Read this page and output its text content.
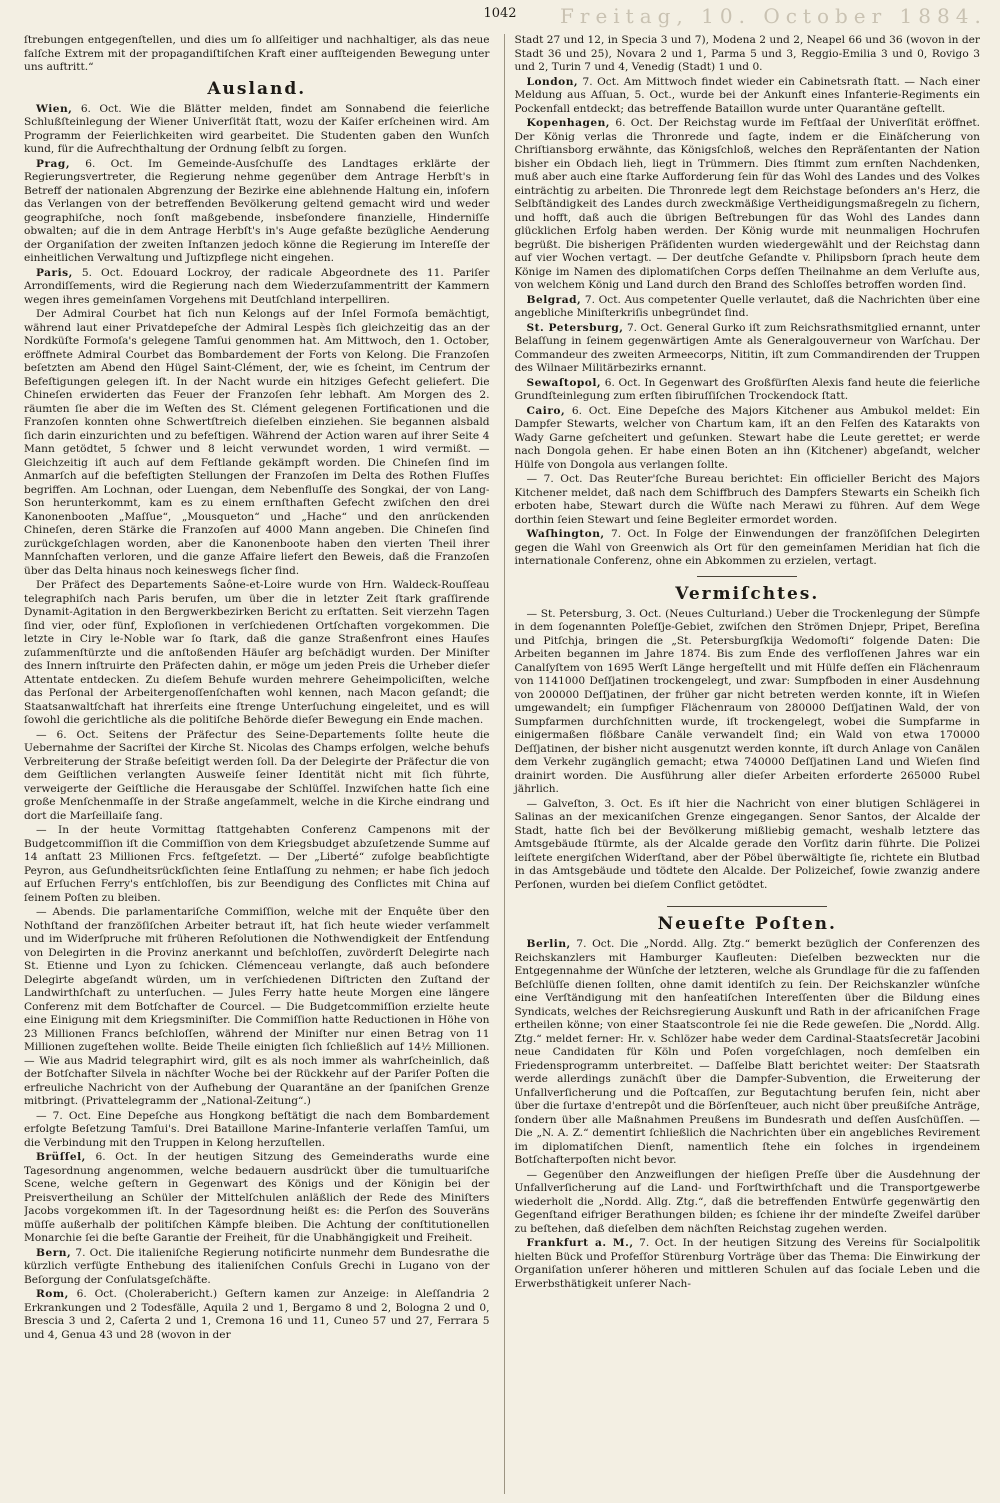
Freitag, 10. October 1884.
1042

ſtrebungen entgegenſtellen, und dies um ſo allſeitiger und nachhaltiger, als das neue falſche Extrem mit der propagandiſtiſchen Kraft einer aufſteigenden Bewegung unter uns auftritt.“

Ausland.

Wien, 6. Oct. Wie die Blätter melden, findet am Sonnabend die feierliche Schlußſteinlegung der Wiener Univerſität ſtatt, wozu der Kaiſer erſcheinen wird. Am Programm der Feierlichkeiten wird gearbeitet. Die Studenten gaben den Wunſch kund, für die Aufrechthaltung der Ordnung ſelbſt zu ſorgen.

Prag, 6. Oct. Im Gemeinde-Ausſchuſſe des Landtages erklärte der Regierungsvertreter, die Regierung nehme gegenüber dem Antrage Herbſt's in Betreff der nationalen Abgrenzung der Bezirke eine ablehnende Haltung ein, inſofern das Verlangen von der betreffenden Bevölkerung geltend gemacht wird und weder geographiſche, noch ſonſt maßgebende, insbeſondere finanzielle, Hinderniſſe obwalten; auf die in dem Antrage Herbſt's in's Auge gefaßte bezügliche Aenderung der Organiſation der zweiten Inſtanzen jedoch könne die Regierung im Intereſſe der einheitlichen Verwaltung und Juſtizpflege nicht eingehen.

Paris, 5. Oct. Edouard Lockroy, der radicale Abgeordnete des 11. Pariſer Arrondiſſements, wird die Regierung nach dem Wiederzuſammentritt der Kammern wegen ihres gemeinſamen Vorgehens mit Deutſchland interpelliren.

Der Admiral Courbet hat ſich nun Kelongs auf der Inſel Formoſa bemächtigt, während laut einer Privatdepeſche der Admiral Lespès ſich gleichzeitig das an der Nordküſte Formoſa's gelegene Tamſui genommen hat. Am Mittwoch, den 1. October, eröffnete Admiral Courbet das Bombardement der Forts von Kelong. Die Franzoſen beſetzten am Abend den Hügel Saint-Clément, der, wie es ſcheint, im Centrum der Befeſtigungen gelegen iſt. In der Nacht wurde ein hitziges Gefecht geliefert. Die Chineſen erwiderten das Feuer der Franzoſen ſehr lebhaft. Am Morgen des 2. räumten ſie aber die im Weſten des St. Clément gelegenen Fortificationen und die Franzoſen konnten ohne Schwertſtreich dieſelben einziehen. Sie begannen alsbald ſich darin einzurichten und zu befeſtigen. Während der Action waren auf ihrer Seite 4 Mann getödtet, 5 ſchwer und 8 leicht verwundet worden, 1 wird vermißt. — Gleichzeitig iſt auch auf dem Feſtlande gekämpft worden. Die Chineſen ſind im Anmarſch auf die befeſtigten Stellungen der Franzoſen im Delta des Rothen Fluſſes begriffen. Am Lochnan, oder Luengan, dem Nebenfluſſe des Songkai, der von Lang-Son herunterkommt, kam es zu einem ernſthaften Gefecht zwiſchen den drei Kanonenbooten „Maſſue“, „Mousqueton“ und „Hache“ und den anrückenden Chineſen, deren Stärke die Franzoſen auf 4000 Mann angeben. Die Chineſen ſind zurückgeſchlagen worden, aber die Kanonenboote haben den vierten Theil ihrer Mannſchaften verloren, und die ganze Affaire liefert den Beweis, daß die Franzoſen über das Delta hinaus noch keineswegs ſicher ſind.

Der Präfect des Departements Saône-et-Loire wurde von Hrn. Waldeck-Rouſſeau telegraphiſch nach Paris berufen, um über die in letzter Zeit ſtark graſſirende Dynamit-Agitation in den Bergwerkbezirken Bericht zu erſtatten. Seit vierzehn Tagen ſind vier, oder fünf, Exploſionen in verſchiedenen Ortſchaften vorgekommen. Die letzte in Ciry le-Noble war ſo ſtark, daß die ganze Straßenfront eines Hauſes zuſammenſtürzte und die anſtoßenden Häuſer arg beſchädigt wurden. Der Miniſter des Innern inſtruirte den Präfecten dahin, er möge um jeden Preis die Urheber dieſer Attentate entdecken. Zu dieſem Behufe wurden mehrere Geheimpoliciſten, welche das Perſonal der Arbeitergenoſſenſchaften wohl kennen, nach Macon geſandt; die Staatsanwaltſchaft hat ihrerſeits eine ſtrenge Unterſuchung eingeleitet, und es will ſowohl die gerichtliche als die politiſche Behörde dieſer Bewegung ein Ende machen.

— 6. Oct. Seitens der Präfectur des Seine-Departements ſollte heute die Uebernahme der Sacriſtei der Kirche St. Nicolas des Champs erfolgen, welche behufs Verbreiterung der Straße beſeitigt werden ſoll. Da der Delegirte der Präfectur die von dem Geiſtlichen verlangten Ausweiſe ſeiner Identität nicht mit ſich führte, verweigerte der Geiſtliche die Herausgabe der Schlüſſel. Inzwiſchen hatte ſich eine große Menſchenmaſſe in der Straße angeſammelt, welche in die Kirche eindrang und dort die Marſeillaiſe ſang.

— In der heute Vormittag ſtattgehabten Conferenz Campenons mit der Budgetcommiſſion iſt die Commiſſion von dem Kriegsbudget abzuſetzende Summe auf 14 anſtatt 23 Millionen Frcs. feſtgeſetzt. — Der „Liberté“ zufolge beabſichtigte Peyron, aus Geſundheitsrückſichten ſeine Entlaſſung zu nehmen; er habe ſich jedoch auf Erſuchen Ferry's entſchloſſen, bis zur Beendigung des Conflictes mit China auf ſeinem Poſten zu bleiben.

— Abends. Die parlamentariſche Commiſſion, welche mit der Enquête über den Nothſtand der franzöſiſchen Arbeiter betraut iſt, hat ſich heute wieder verſammelt und im Widerſpruche mit früheren Reſolutionen die Nothwendigkeit der Entſendung von Delegirten in die Provinz anerkannt und beſchloſſen, zuvörderſt Delegirte nach St. Etienne und Lyon zu ſchicken. Clémenceau verlangte, daß auch beſondere Delegirte abgeſandt würden, um in verſchiedenen Diſtricten den Zuſtand der Landwirthſchaft zu unterſuchen. — Jules Ferry hatte heute Morgen eine längere Conferenz mit dem Botſchafter de Courcel. — Die Budgetcommiſſion erzielte heute eine Einigung mit dem Kriegsminiſter. Die Commiſſion hatte Reductionen in Höhe von 23 Millionen Francs beſchloſſen, während der Miniſter nur einen Betrag von 11 Millionen zugeſtehen wollte. Beide Theile einigten ſich ſchließlich auf 14½ Millionen. — Wie aus Madrid telegraphirt wird, gilt es als noch immer als wahrſcheinlich, daß der Botſchafter Silvela in nächſter Woche bei der Rückkehr auf der Pariſer Poſten die erfreuliche Nachricht von der Aufhebung der Quarantäne an der ſpaniſchen Grenze mitbringt. (Privattelegramm der „National-Zeitung“.)

— 7. Oct. Eine Depeſche aus Hongkong beſtätigt die nach dem Bombardement erfolgte Beſetzung Tamſui's. Drei Bataillone Marine-Infanterie verlaſſen Tamſui, um die Verbindung mit den Truppen in Kelong herzuſtellen.

Brüſſel, 6. Oct. In der heutigen Sitzung des Gemeinderaths wurde eine Tagesordnung angenommen, welche bedauern ausdrückt über die tumultuariſche Scene, welche geſtern in Gegenwart des Königs und der Königin bei der Preisvertheilung an Schüler der Mittelſchulen anläßlich der Rede des Miniſters Jacobs vorgekommen iſt. In der Tagesordnung heißt es: die Perſon des Souveräns müſſe außerhalb der politiſchen Kämpfe bleiben. Die Achtung der conſtitutionellen Monarchie ſei die beſte Garantie der Freiheit, für die Unabhängigkeit und Freiheit.

Bern, 7. Oct. Die italieniſche Regierung notificirte nunmehr dem Bundesrathe die kürzlich verfügte Enthebung des italieniſchen Conſuls Grechi in Lugano von der Beſorgung der Conſulatsgeſchäfte.

Rom, 6. Oct. (Cholerabericht.) Geſtern kamen zur Anzeige: in Aleſſandria 2 Erkrankungen und 2 Todesfälle, Aquila 2 und 1, Bergamo 8 und 2, Bologna 2 und 0, Brescia 3 und 2, Caſerta 2 und 1, Cremona 16 und 11, Cuneo 57 und 27, Ferrara 5 und 4, Genua 43 und 28 (wovon in der

Stadt 27 und 12, in Specia 3 und 7), Modena 2 und 2, Neapel 66 und 36 (wovon in der Stadt 36 und 25), Novara 2 und 1, Parma 5 und 3, Reggio-Emilia 3 und 0, Rovigo 3 und 2, Turin 7 und 4, Venedig (Stadt) 1 und 0.

London, 7. Oct. Am Mittwoch findet wieder ein Cabinetsrath ſtatt. — Nach einer Meldung aus Aſſuan, 5. Oct., wurde bei der Ankunft eines Infanterie-Regiments ein Pockenfall entdeckt; das betreffende Bataillon wurde unter Quarantäne geſtellt.

Kopenhagen, 6. Oct. Der Reichstag wurde im Feſtſaal der Univerſität eröffnet. Der König verlas die Thronrede und ſagte, indem er die Einäſcherung von Chriſtiansborg erwähnte, das Königsſchloß, welches den Repräſentanten der Nation bisher ein Obdach lieh, liegt in Trümmern. Dies ſtimmt zum ernſten Nachdenken, muß aber auch eine ſtarke Aufforderung ſein für das Wohl des Landes und des Volkes einträchtig zu arbeiten. Die Thronrede legt dem Reichstage beſonders an's Herz, die Selbſtändigkeit des Landes durch zweckmäßige Vertheidigungsmaßregeln zu ſichern, und hofft, daß auch die übrigen Beſtrebungen für das Wohl des Landes dann glücklichen Erfolg haben werden. Der König wurde mit neunmaligen Hochrufen begrüßt. Die bisherigen Präſidenten wurden wiedergewählt und der Reichstag dann auf vier Wochen vertagt. — Der deutſche Geſandte v. Philipsborn ſprach heute dem Könige im Namen des diplomatiſchen Corps deſſen Theilnahme an dem Verluſte aus, von welchem König und Land durch den Brand des Schloſſes betroffen worden ſind.

Belgrad, 7. Oct. Aus competenter Quelle verlautet, daß die Nachrichten über eine angebliche Miniſterkriſis unbegründet ſind.

St. Petersburg, 7. Oct. General Gurko iſt zum Reichsrathsmitglied ernannt, unter Belaſſung in ſeinem gegenwärtigen Amte als Generalgouverneur von Warſchau. Der Commandeur des zweiten Armeecorps, Nititin, iſt zum Commandirenden der Truppen des Wilnaer Militärbezirks ernannt.

Sewaſtopol, 6. Oct. In Gegenwart des Großfürſten Alexis fand heute die feierliche Grundſteinlegung zum erſten ſibiruſſiſchen Trockendock ſtatt.

Cairo, 6. Oct. Eine Depeſche des Majors Kitchener aus Ambukol meldet: Ein Dampfer Stewarts, welcher von Chartum kam, iſt an den Felſen des Katarakts von Wady Garne geſcheitert und geſunken. Stewart habe die Leute gerettet; er werde nach Dongola gehen. Er habe einen Boten an ihn (Kitchener) abgeſandt, welcher Hülfe von Dongola aus verlangen ſollte.

— 7. Oct. Das Reuter'ſche Bureau berichtet: Ein officieller Bericht des Majors Kitchener meldet, daß nach dem Schiffbruch des Dampfers Stewarts ein Scheikh ſich erboten habe, Stewart durch die Wüſte nach Merawi zu führen. Auf dem Wege dorthin ſeien Stewart und ſeine Begleiter ermordet worden.

Waſhington, 7. Oct. In Folge der Einwendungen der franzöſiſchen Delegirten gegen die Wahl von Greenwich als Ort für den gemeinſamen Meridian hat ſich die internationale Conferenz, ohne ein Abkommen zu erzielen, vertagt.

Vermiſchtes.

— St. Petersburg, 3. Oct. (Neues Culturland.) Ueber die Trockenlegung der Sümpfe in dem ſogenannten Poleſſje-Gebiet, zwiſchen den Strömen Dnjepr, Pripet, Bereſina und Pitſchja, bringen die „St. Petersburgſkija Wedomoſti“ folgende Daten: Die Arbeiten begannen im Jahre 1874. Bis zum Ende des verfloſſenen Jahres war ein Canalſyſtem von 1695 Werſt Länge hergeſtellt und mit Hülfe deſſen ein Flächenraum von 1141000 Deſſjatinen trockengelegt, und zwar: Sumpfboden in einer Ausdehnung von 200000 Deſſjatinen, der früher gar nicht betreten werden konnte, iſt in Wieſen umgewandelt; ein ſumpfiger Flächenraum von 280000 Deſſjatinen Wald, der von Sumpfarmen durchſchnitten wurde, iſt trockengelegt, wobei die Sumpfarme in einigermaßen flößbare Canäle verwandelt ſind; ein Wald von etwa 170000 Deſſjatinen, der bisher nicht ausgenutzt werden konnte, iſt durch Anlage von Canälen dem Verkehr zugänglich gemacht; etwa 740000 Deſſjatinen Land und Wieſen ſind drainirt worden. Die Ausführung aller dieſer Arbeiten erforderte 265000 Rubel jährlich.

— Galveſton, 3. Oct. Es iſt hier die Nachricht von einer blutigen Schlägerei in Salinas an der mexicaniſchen Grenze eingegangen. Senor Santos, der Alcalde der Stadt, hatte ſich bei der Bevölkerung mißliebig gemacht, weshalb letztere das Amtsgebäude ſtürmte, als der Alcalde gerade den Vorſitz darin führte. Die Polizei leiſtete energiſchen Widerſtand, aber der Pöbel überwältigte ſie, richtete ein Blutbad in das Amtsgebäude und tödtete den Alcalde. Der Polizeichef, ſowie zwanzig andere Perſonen, wurden bei dieſem Conflict getödtet.

Neueſte Poſten.

Berlin, 7. Oct. Die „Nordd. Allg. Ztg.“ bemerkt bezüglich der Conferenzen des Reichskanzlers mit Hamburger Kaufleuten: Dieſelben bezweckten nur die Entgegennahme der Wünſche der letzteren, welche als Grundlage für die zu faſſenden Beſchlüſſe dienen ſollten, ohne damit identiſch zu ſein. Der Reichskanzler wünſche eine Verſtändigung mit den hanſeatiſchen Intereſſenten über die Bildung eines Syndicats, welches der Reichsregierung Auskunft und Rath in der africaniſchen Frage ertheilen könne; von einer Staatscontrole ſei nie die Rede geweſen. Die „Nordd. Allg. Ztg.“ meldet ferner: Hr. v. Schlözer habe weder dem Cardinal-Staatsſecretär Jacobini neue Candidaten für Köln und Poſen vorgeſchlagen, noch demſelben ein Friedensprogramm unterbreitet. — Daſſelbe Blatt berichtet weiter: Der Staatsrath werde allerdings zunächſt über die Dampfer-Subvention, die Erweiterung der Unfallverſicherung und die Poſtcaſſen, zur Begutachtung berufen ſein, nicht aber über die ſurtaxe d'entrepôt und die Börſenſteuer, auch nicht über preußiſche Anträge, ſondern über alle Maßnahmen Preußens im Bundesrath und deſſen Ausſchüſſen. — Die „N. A. Z.“ dementirt ſchließlich die Nachrichten über ein angebliches Revirement im diplomatiſchen Dienſt, namentlich ſtehe ein ſolches in irgendeinem Botſchafterpoſten nicht bevor.

— Gegenüber den Anzweiflungen der hieſigen Preſſe über die Ausdehnung der Unfallverſicherung auf die Land- und Forſtwirthſchaft und die Transportgewerbe wiederholt die „Nordd. Allg. Ztg.“, daß die betreffenden Entwürfe gegenwärtig den Gegenſtand eifriger Berathungen bilden; es ſchiene ihr der mindeſte Zweifel darüber zu beſtehen, daß dieſelben dem nächſten Reichstag zugehen werden.

Frankfurt a. M., 7. Oct. In der heutigen Sitzung des Vereins für Socialpolitik hielten Bück und Profeſſor Stürenburg Vorträge über das Thema: Die Einwirkung der Organiſation unſerer höheren und mittleren Schulen auf das ſociale Leben und die Erwerbsthätigkeit unſerer Nach-
